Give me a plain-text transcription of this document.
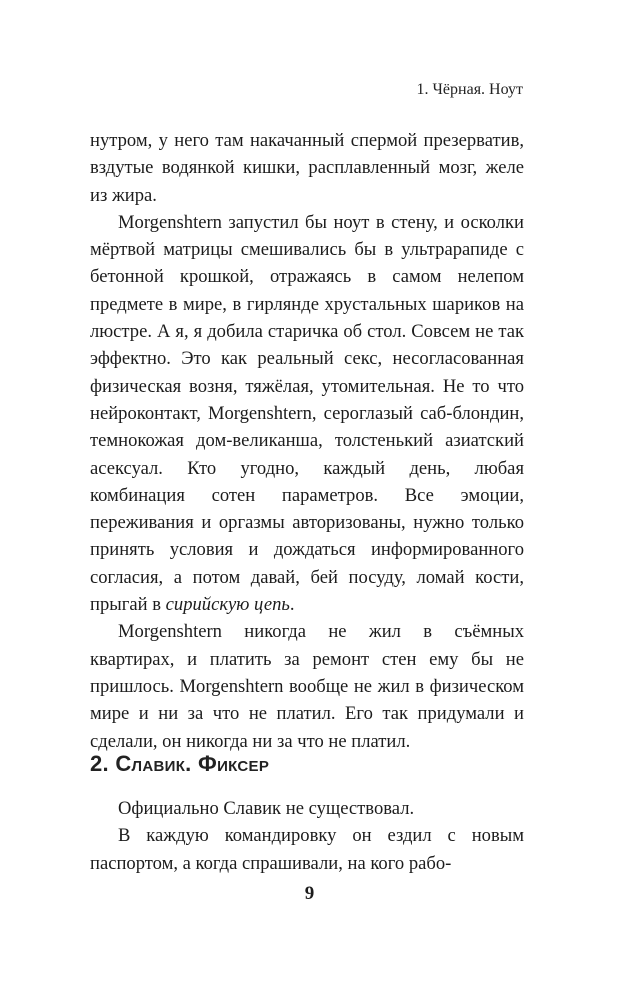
1. Чёрная. Ноут

нутром, у него там накачанный спермой презерватив, вздутые водянкой кишки, расплавленный мозг, желе из жира.

Morgenshtern запустил бы ноут в стену, и осколки мёртвой матрицы смешивались бы в ультрарапиде с бетонной крошкой, отражаясь в самом нелепом предмете в мире, в гирлянде хрустальных шариков на люстре. А я, я добила старичка об стол. Совсем не так эффектно. Это как реальный секс, несогласованная физическая возня, тяжёлая, утомительная. Не то что нейроконтакт, Morgenshtern, сероглазый саб-блондин, темнокожая дом-великанша, толстенький азиатский асексуал. Кто угодно, каждый день, любая комбинация сотен параметров. Все эмоции, переживания и оргазмы авторизованы, нужно только принять условия и дождаться информированного согласия, а потом давай, бей посуду, ломай кости, прыгай в сирийскую цепь.

Morgenshtern никогда не жил в съёмных квартирах, и платить за ремонт стен ему бы не пришлось. Morgenshtern вообще не жил в физическом мире и ни за что не платил. Его так придумали и сделали, он никогда ни за что не платил.

2. Славик. Фиксер

Официально Славик не существовал.

В каждую командировку он ездил с новым паспортом, а когда спрашивали, на кого рабо-

9
